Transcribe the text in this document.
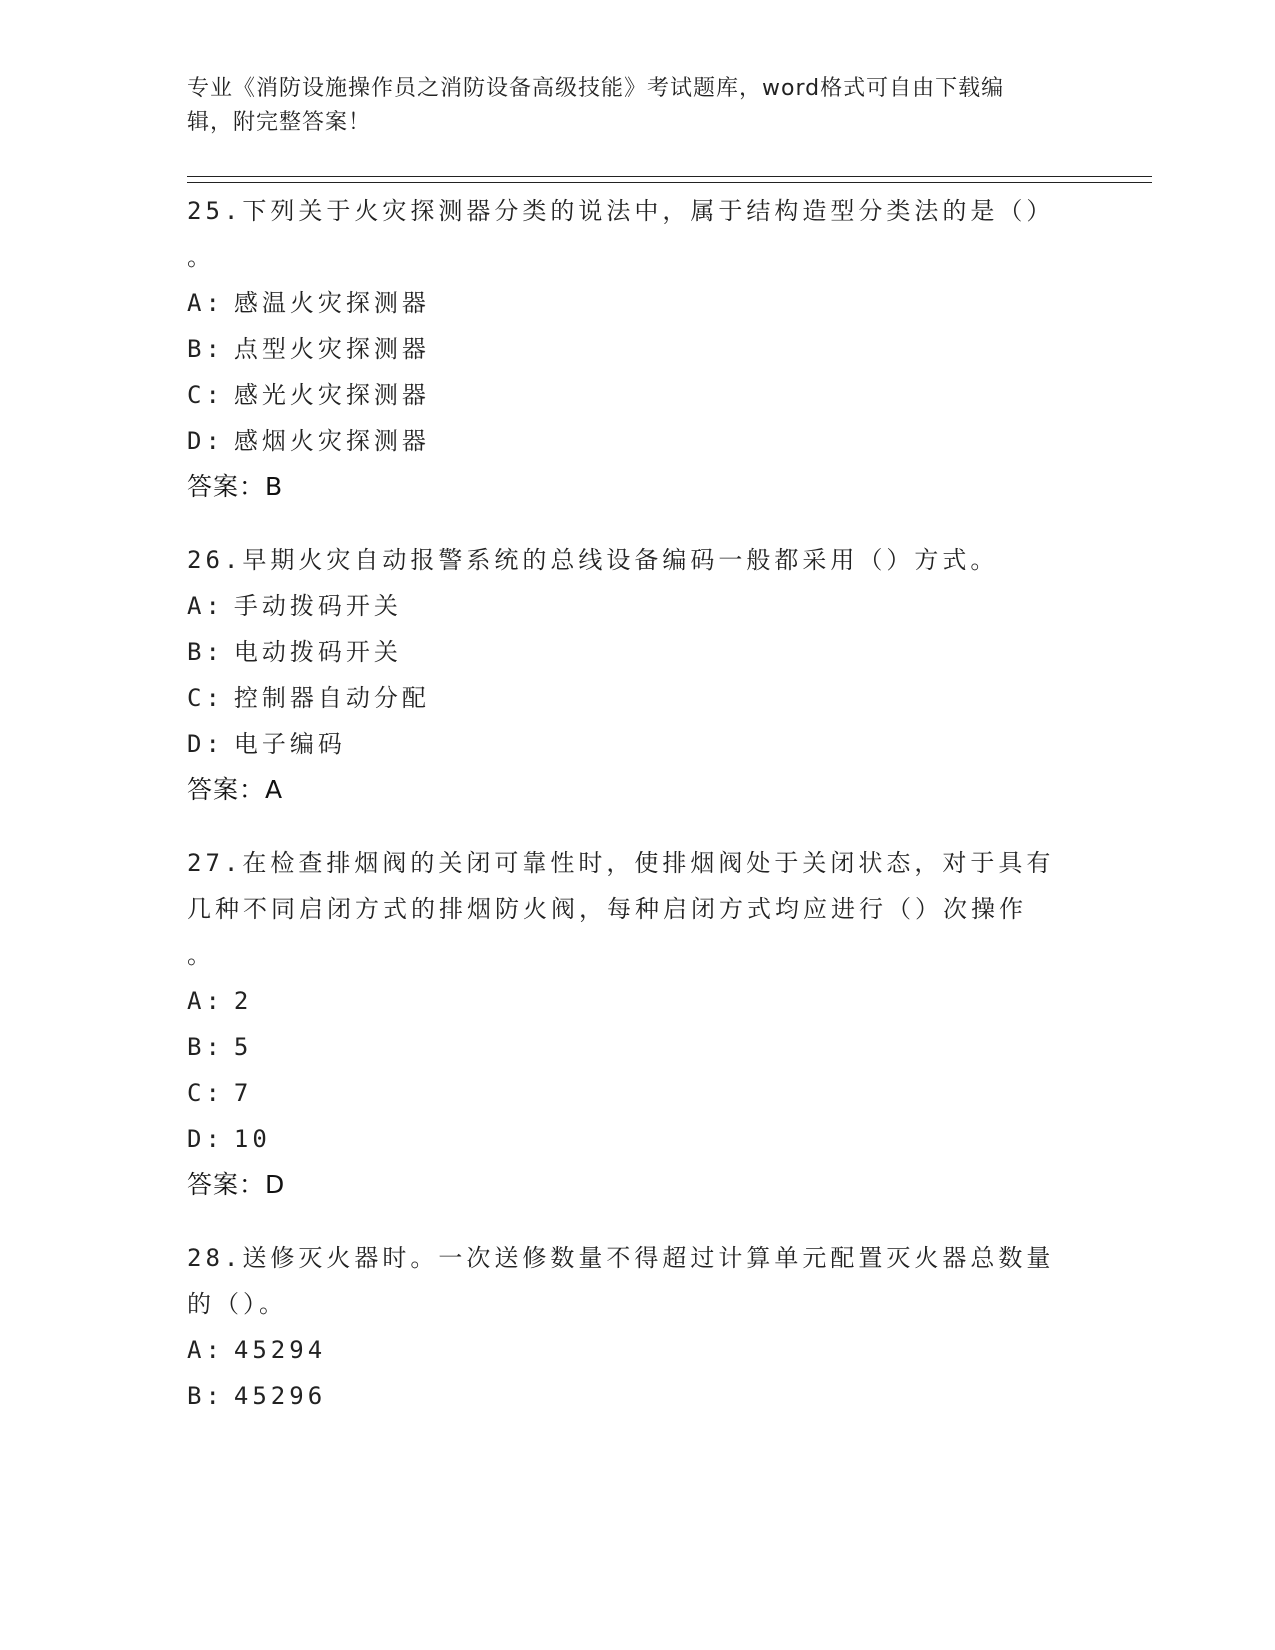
专业《消防设施操作员之消防设备高级技能》考试题库，word格式可自由下载编
辑，附完整答案！
25.下列关于火灾探测器分类的说法中，属于结构造型分类法的是（）
。
A: 感温火灾探测器
B: 点型火灾探测器
C: 感光火灾探测器
D: 感烟火灾探测器
答案：B
26.早期火灾自动报警系统的总线设备编码一般都采用（）方式。
A: 手动拨码开关
B: 电动拨码开关
C: 控制器自动分配
D: 电子编码
答案：A
27.在检查排烟阀的关闭可靠性时，使排烟阀处于关闭状态，对于具有
几种不同启闭方式的排烟防火阀，每种启闭方式均应进行（）次操作
。
A: 2
B: 5
C: 7
D: 10
答案：D
28.送修灭火器时。一次送修数量不得超过计算单元配置灭火器总数量
的（）。
A: 45294
B: 45296
